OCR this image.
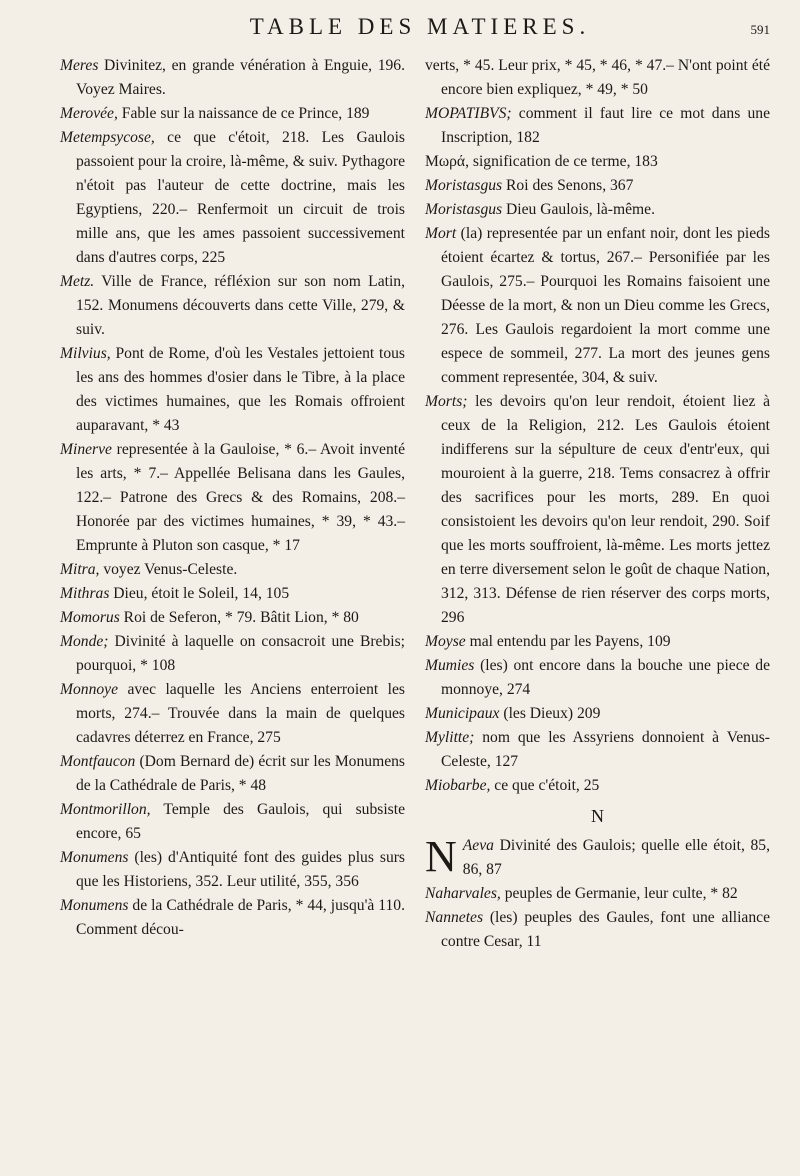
TABLE DES MATIERES.	591

Meres Divinitez, en grande vénération à Enguie, 196. Voyez Maires.

Merovée, Fable sur la naissance de ce Prince, 189

Metempsycose, ce que c'étoit, 218. Les Gaulois passoient pour la croire, là-même, & suiv. Pythagore n'étoit pas l'auteur de cette doctrine, mais les Egyptiens, 220.– Renfermoit un circuit de trois mille ans, que les ames passoient successivement dans d'autres corps, 225

Metz. Ville de France, réfléxion sur son nom Latin, 152. Monumens découverts dans cette Ville, 279, & suiv.

Milvius, Pont de Rome, d'où les Vestales jettoient tous les ans des hommes d'osier dans le Tibre, à la place des victimes humaines, que les Romais offroient auparavant, * 43

Minerve representée à la Gauloise, * 6.– Avoit inventé les arts, * 7.– Appellée Belisana dans les Gaules, 122.– Patrone des Grecs & des Romains, 208.– Honorée par des victimes humaines, * 39, * 43.– Emprunte à Pluton son casque, * 17

Mitra, voyez Venus-Celeste.

Mithras Dieu, étoit le Soleil, 14, 105

Momorus Roi de Seferon, * 79. Bâtit Lion, * 80

Monde; Divinité à laquelle on consacroit une Brebis; pourquoi, * 108

Monnoye avec laquelle les Anciens enterroient les morts, 274.– Trouvée dans la main de quelques cadavres déterrez en France, 275

Montfaucon (Dom Bernard de) écrit sur les Monumens de la Cathédrale de Paris, * 48

Montmorillon, Temple des Gaulois, qui subsiste encore, 65

Monumens (les) d'Antiquité font des guides plus surs que les Historiens, 352. Leur utilité, 355, 356

Monumens de la Cathédrale de Paris, * 44, jusqu'à 110. Comment décou-

verts, * 45. Leur prix, * 45, * 46, * 47.– N'ont point été encore bien expliquez, * 49, * 50

MOPATIBVS; comment il faut lire ce mot dans une Inscription, 182

Μωρά, signification de ce terme, 183

Moristasgus Roi des Senons, 367

Moristasgus Dieu Gaulois, là-même.

Mort (la) representée par un enfant noir, dont les pieds étoient écartez & tortus, 267.– Personifiée par les Gaulois, 275.– Pourquoi les Romains faisoient une Déesse de la mort, & non un Dieu comme les Grecs, 276. Les Gaulois regardoient la mort comme une espece de sommeil, 277. La mort des jeunes gens comment representée, 304, & suiv.

Morts; les devoirs qu'on leur rendoit, étoient liez à ceux de la Religion, 212. Les Gaulois étoient indifferens sur la sépulture de ceux d'entr'eux, qui mouroient à la guerre, 218. Tems consacrez à offrir des sacrifices pour les morts, 289. En quoi consistoient les devoirs qu'on leur rendoit, 290. Soif que les morts souffroient, là-même. Les morts jettez en terre diversement selon le goût de chaque Nation, 312, 313. Défense de rien réserver des corps morts, 296

Moyse mal entendu par les Payens, 109

Mumies (les) ont encore dans la bouche une piece de monnoye, 274

Municipaux (les Dieux) 209

Mylitte; nom que les Assyriens donnoient à Venus-Celeste, 127

Miobarbe, ce que c'étoit, 25

N

N Aeva Divinité des Gaulois; quelle elle étoit, 85, 86, 87

Naharvales, peuples de Germanie, leur culte, * 82

Nannetes (les) peuples des Gaules, font une alliance contre Cesar, 11
